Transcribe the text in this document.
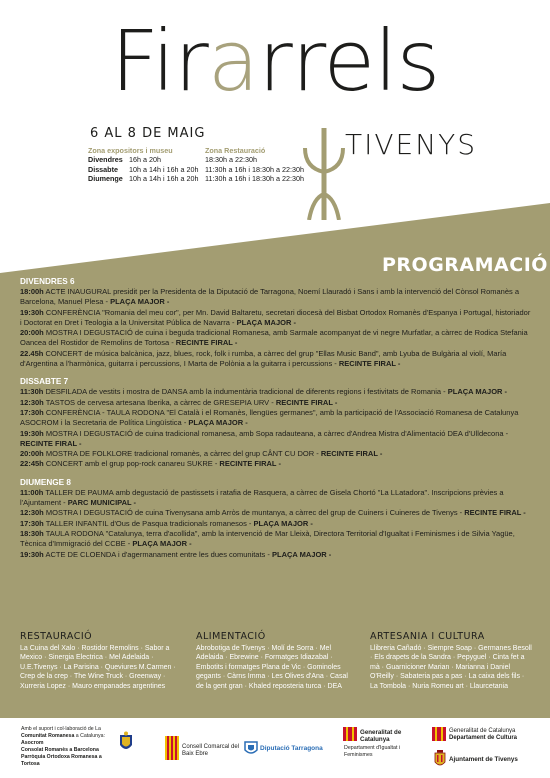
Firarrels
6 AL 8 DE MAIG	TIVENYS
Zona expositors i museu
Divendres 16h a 20h
Dissabte 10h a 14h i 16h a 20h
Diumenge 10h a 14h i 16h a 20h
Zona Restauració
18:30h a 22:30h
11:30h a 16h i 18:30h a 22:30h
11:30h a 16h i 18:30h a 22:30h
PROGRAMACIÓ
DIVENDRES 6

18:00h ACTE INAUGURAL presidit per la Presidenta de la Diputació de Tarragona, Noemí Llauradó i Sans i amb la intervenció del Cònsol Romanès a Barcelona, Manuel Plesa - PLAÇA MAJOR -

19:30h CONFERÈNCIA "Romania del meu cor", per Mn. David Baltaretu, secretari diocesà del Bisbat Ortodox Romanès d'Espanya i Portugal, historiador i Doctorat en Dret i Teologia a la Universitat Pública de Navarra - PLAÇA MAJOR -

20:00h MOSTRA I DEGUSTACIÓ de cuina i beguda tradicional Romanesa, amb Sarmale acompanyat de vi negre Murfatlar, a càrrec de Rodica Stefania Oancea del Rostidor de Remolins de Tortosa - RECINTE FIRAL -

22.45h CONCERT de música balcànica, jazz, blues, rock, folk i rumba, a càrrec del grup "Ellas Music Band", amb Lyuba de Bulgària al violí, María d'Argentina a l'harmònica, guitarra i percussions, I Marta de Polònia a la guitarra i percussions - RECINTE FIRAL -

DISSABTE 7

11:30h DESFILADA de vestits i mostra de DANSA amb la indumentària tradicional de diferents regions i festivitats de Romania - PLAÇA MAJOR -

12:30h TASTOS de cervesa artesana Iberika, a càrrec de GRESEPIA URV - RECINTE FIRAL -

17:30h CONFERÈNCIA - TAULA RODONA "El Català i el Romanès, llengües germanes", amb la participació de l'Associació Romanesa de Catalunya ASOCROM i la Secretaria de Política Lingüística - PLAÇA MAJOR -

19:30h MOSTRA I DEGUSTACIÓ de cuina tradicional romanesa, amb Sopa radauteana, a càrrec d'Andrea Mistra d'Alimentació DEA d'Ulldecona - RECINTE FIRAL -

20:00h MOSTRA DE FOLKLORE tradicional romanès, a càrrec del grup CÂNT CU DOR - RECINTE FIRAL -

22:45h CONCERT amb el grup pop-rock canareu SUKRE - RECINTE FIRAL -

DIUMENGE 8

11:00h TALLER DE PAUMA amb degustació de pastissets i ratafia de Rasquera, a càrrec de Gisela Chortó "La LLatadora". Inscripcions prèvies a l'Ajuntament - PARC MUNICIPAL -

12:30h MOSTRA I DEGUSTACIÓ de cuina Tivenysana amb Arròs de muntanya, a càrrec del grup de Cuiners i Cuineres de Tivenys - RECINTE FIRAL -

17:30h TALLER INFANTIL d'Ous de Pasqua tradicionals romanesos - PLAÇA MAJOR -

18:30h TAULA RODONA "Catalunya, terra d'acollida", amb la intervenció de Mar Lleixà, Directora Territorial d'Igualtat i Feminismes i de Silvia Yagüe, Tècnica d'Immigració del CCBE - PLAÇA MAJOR -

19:30h ACTE DE CLOENDA i d'agermanament entre les dues comunitats - PLAÇA MAJOR -

RESTAURACIÓ
La Cuina del Xalo · Rostidor Remolins · Sabor a Mexico · Sinergia Electrica · Mel Adelaida · U.E.Tivenys · La Parisina · Queviures M.Carmen · Crep de la crep · The Wine Truck · Greenway · Xurreria Lopez · Mauro empanades argentines
ALIMENTACIÓ
Abrobotiga de Tivenys · Molí de Sorra · Mel Adelaida · Ebrewine · Formatges Idiazabal · Embotits i formatges Plana de Vic · Gominoles gegants · Càrns Imma · Les Olives d'Ana · Casal de la gent gran · Khaled reposteria turca · DEA
ARTESANIA I CULTURA
Llibreria Cañadó · Siempre Soap · Germanes Besoll · Els drapets de la Sandra · Pepyguel · Cinta fet a mà · Guarnicioner Marian · Marianna i Daniel O'Reilly · Sabateria pas a pas · La caixa dels fils · La Tombola · Nuria Romeu art · Llaurcetania
Amb el suport i col·laboració de La Comunitat Romanesa a Catalunya:
Asocrom
Consolat Romanès a Barcelona
Parròquia Ortodoxa Romanesa a Tortosa
Consell Comarcal del Baix Ebre
Diputació Tarragona
Generalitat de Catalunya
Departament d'Igualtat i Feminismes
Generalitat de Catalunya
Departament de Cultura
Ajuntament de Tivenys
